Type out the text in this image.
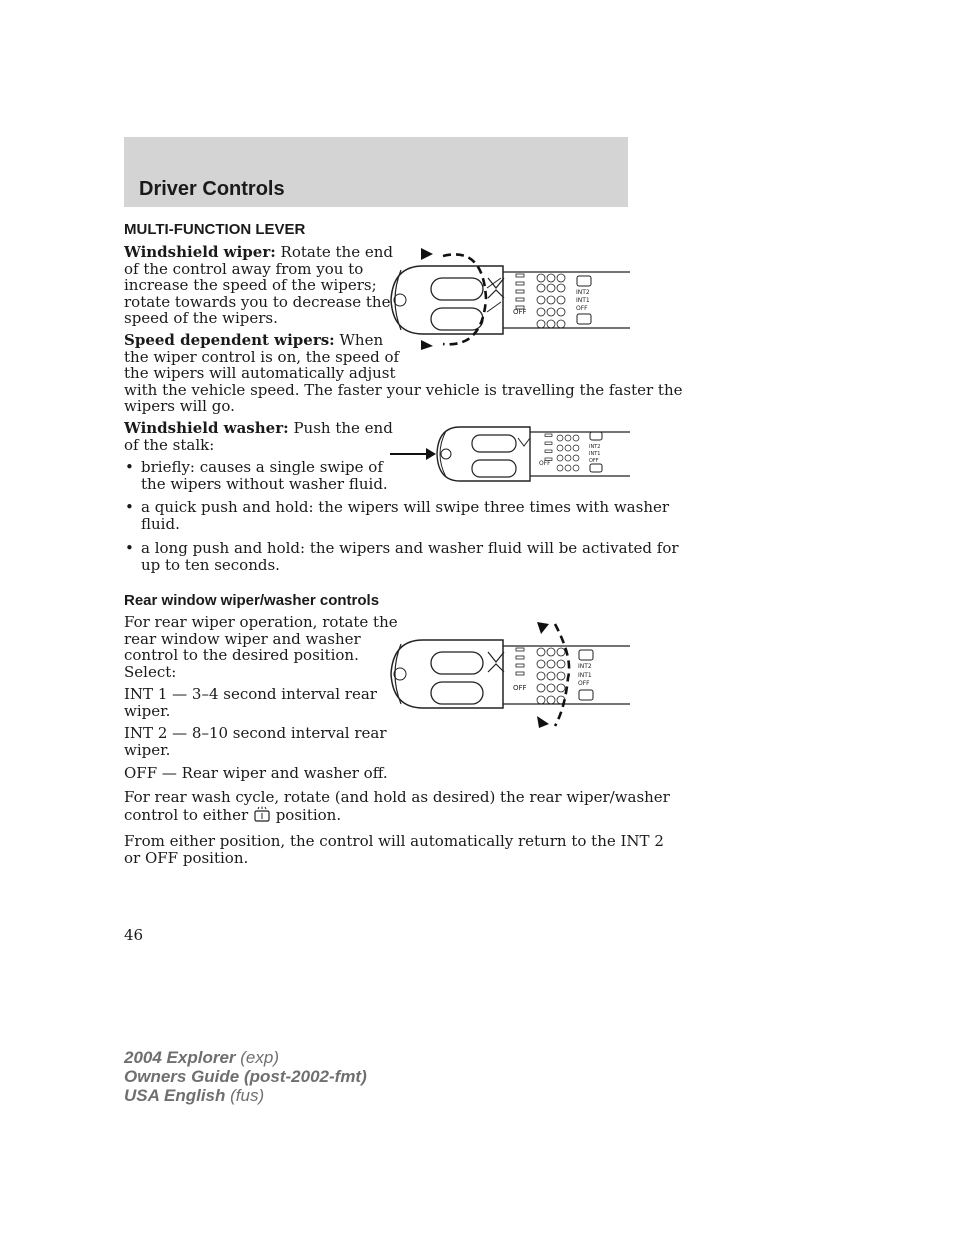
Driver Controls
MULTI-FUNCTION LEVER

Windshield wiper: Rotate the end
of the control away from you to
increase the speed of the wipers;
rotate towards you to decrease the
speed of the wipers.

Speed dependent wipers: When
the wiper control is on, the speed of
the wipers will automatically adjust
with the vehicle speed. The faster your vehicle is travelling the faster the
wipers will go.

Windshield washer: Push the end
of the stalk:

• briefly: causes a single swipe of
the wipers without washer fluid.
• a quick push and hold: the wipers will swipe three times with washer
fluid.
• a long push and hold: the wipers and washer fluid will be activated for
up to ten seconds.
Rear window wiper/washer controls

For rear wiper operation, rotate the
rear window wiper and washer
control to the desired position.
Select:

INT 1 — 3–4 second interval rear
wiper.

INT 2 — 8–10 second interval rear
wiper.

OFF — Rear wiper and washer off.

For rear wash cycle, rotate (and hold as desired) the rear wiper/washer
control to either position.

From either position, the control will automatically return to the INT 2
or OFF position.

INT2
INT1
OFF
OFF
OFF
INT2
INT1
OFF
OFF
INT2
INT1
OFF
46
2004 Explorer (exp)
Owners Guide (post-2002-fmt)
USA English (fus)
